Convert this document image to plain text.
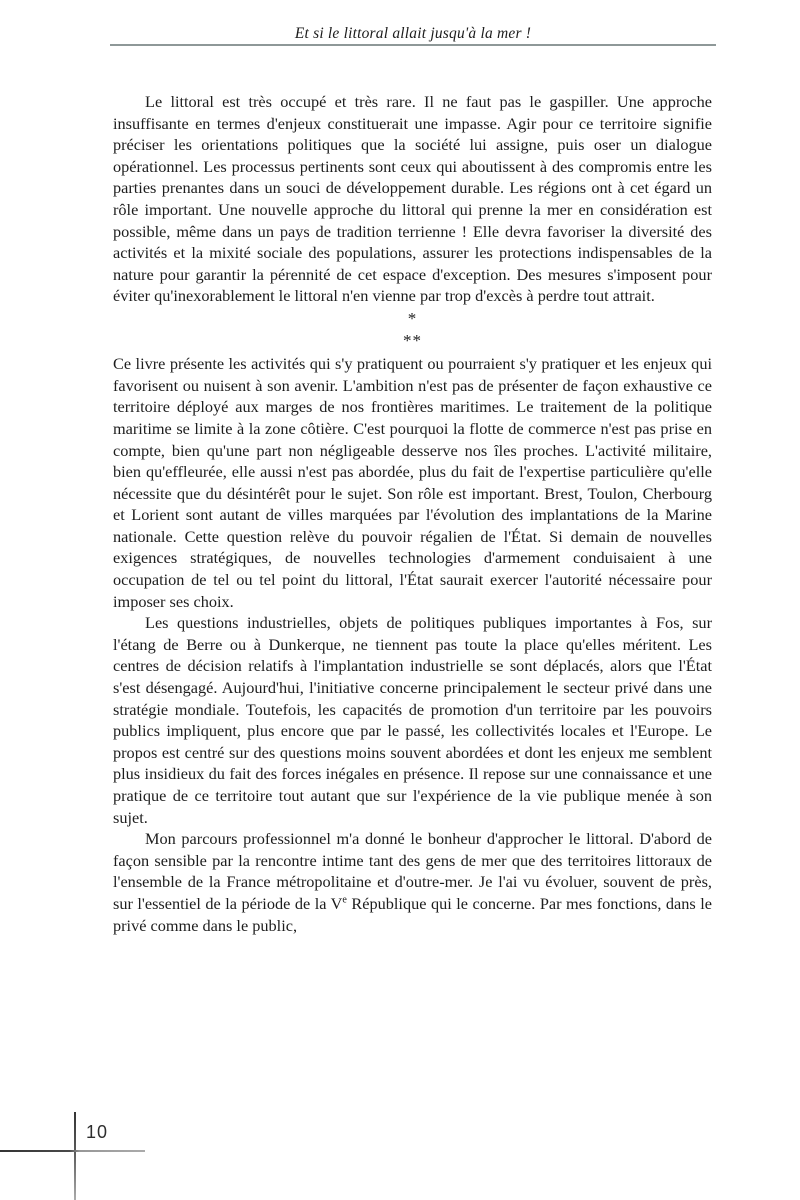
Et si le littoral allait jusqu'à la mer !

Le littoral est très occupé et très rare. Il ne faut pas le gaspiller. Une approche insuffisante en termes d'enjeux constituerait une impasse. Agir pour ce territoire signifie préciser les orientations politiques que la société lui assigne, puis oser un dialogue opérationnel. Les processus pertinents sont ceux qui aboutissent à des compromis entre les parties prenantes dans un souci de développement durable. Les régions ont à cet égard un rôle important. Une nouvelle approche du littoral qui prenne la mer en considération est possible, même dans un pays de tradition terrienne ! Elle devra favoriser la diversité des activités et la mixité sociale des populations, assurer les protections indispensables de la nature pour garantir la pérennité de cet espace d'exception. Des mesures s'imposent pour éviter qu'inexorablement le littoral n'en vienne par trop d'excès à perdre tout attrait.

*
**

Ce livre présente les activités qui s'y pratiquent ou pourraient s'y pratiquer et les enjeux qui favorisent ou nuisent à son avenir. L'ambition n'est pas de présenter de façon exhaustive ce territoire déployé aux marges de nos frontières maritimes. Le traitement de la politique maritime se limite à la zone côtière. C'est pourquoi la flotte de commerce n'est pas prise en compte, bien qu'une part non négligeable desserve nos îles proches. L'activité militaire, bien qu'effleurée, elle aussi n'est pas abordée, plus du fait de l'expertise particulière qu'elle nécessite que du désintérêt pour le sujet. Son rôle est important. Brest, Toulon, Cherbourg et Lorient sont autant de villes marquées par l'évolution des implantations de la Marine nationale. Cette question relève du pouvoir régalien de l'État. Si demain de nouvelles exigences stratégiques, de nouvelles technologies d'armement conduisaient à une occupation de tel ou tel point du littoral, l'État saurait exercer l'autorité nécessaire pour imposer ses choix.

Les questions industrielles, objets de politiques publiques importantes à Fos, sur l'étang de Berre ou à Dunkerque, ne tiennent pas toute la place qu'elles méritent. Les centres de décision relatifs à l'implantation industrielle se sont déplacés, alors que l'État s'est désengagé. Aujourd'hui, l'initiative concerne principalement le secteur privé dans une stratégie mondiale. Toutefois, les capacités de promotion d'un territoire par les pouvoirs publics impliquent, plus encore que par le passé, les collectivités locales et l'Europe. Le propos est centré sur des questions moins souvent abordées et dont les enjeux me semblent plus insidieux du fait des forces inégales en présence. Il repose sur une connaissance et une pratique de ce territoire tout autant que sur l'expérience de la vie publique menée à son sujet.

Mon parcours professionnel m'a donné le bonheur d'approcher le littoral. D'abord de façon sensible par la rencontre intime tant des gens de mer que des territoires littoraux de l'ensemble de la France métropolitaine et d'outre-mer. Je l'ai vu évoluer, souvent de près, sur l'essentiel de la période de la Ve République qui le concerne. Par mes fonctions, dans le privé comme dans le public,

10
